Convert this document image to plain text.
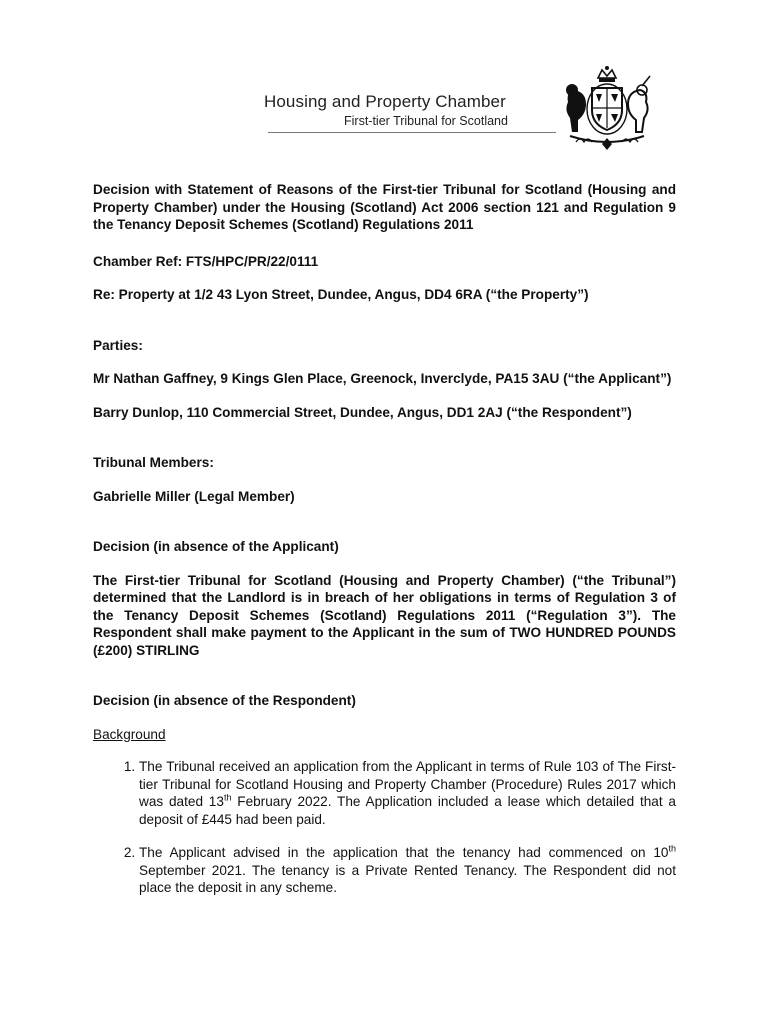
Housing and Property Chamber
First-tier Tribunal for Scotland

Decision with Statement of Reasons of the First-tier Tribunal for Scotland (Housing and Property Chamber) under the Housing (Scotland) Act 2006 section 121 and Regulation 9 the Tenancy Deposit Schemes (Scotland) Regulations 2011

Chamber Ref: FTS/HPC/PR/22/0111

Re: Property at 1/2 43 Lyon Street, Dundee, Angus, DD4 6RA (“the Property”)

Parties:

Mr Nathan Gaffney, 9 Kings Glen Place, Greenock, Inverclyde, PA15 3AU (“the Applicant”)

Barry Dunlop, 110 Commercial Street, Dundee, Angus, DD1 2AJ (“the Respondent”)

Tribunal Members:

Gabrielle Miller (Legal Member)

Decision (in absence of the Applicant)

The First-tier Tribunal for Scotland (Housing and Property Chamber) (“the Tribunal”) determined that the Landlord is in breach of her obligations in terms of Regulation 3 of the Tenancy Deposit Schemes (Scotland) Regulations 2011 (“Regulation 3”). The Respondent shall make payment to the Applicant in the sum of TWO HUNDRED POUNDS (£200) STIRLING

Decision (in absence of the Respondent)

Background

1. The Tribunal received an application from the Applicant in terms of Rule 103 of The First-tier Tribunal for Scotland Housing and Property Chamber (Procedure) Rules 2017 which was dated 13th February 2022. The Application included a lease which detailed that a deposit of £445 had been paid.
2. The Applicant advised in the application that the tenancy had commenced on 10th September 2021. The tenancy is a Private Rented Tenancy. The Respondent did not place the deposit in any scheme.
